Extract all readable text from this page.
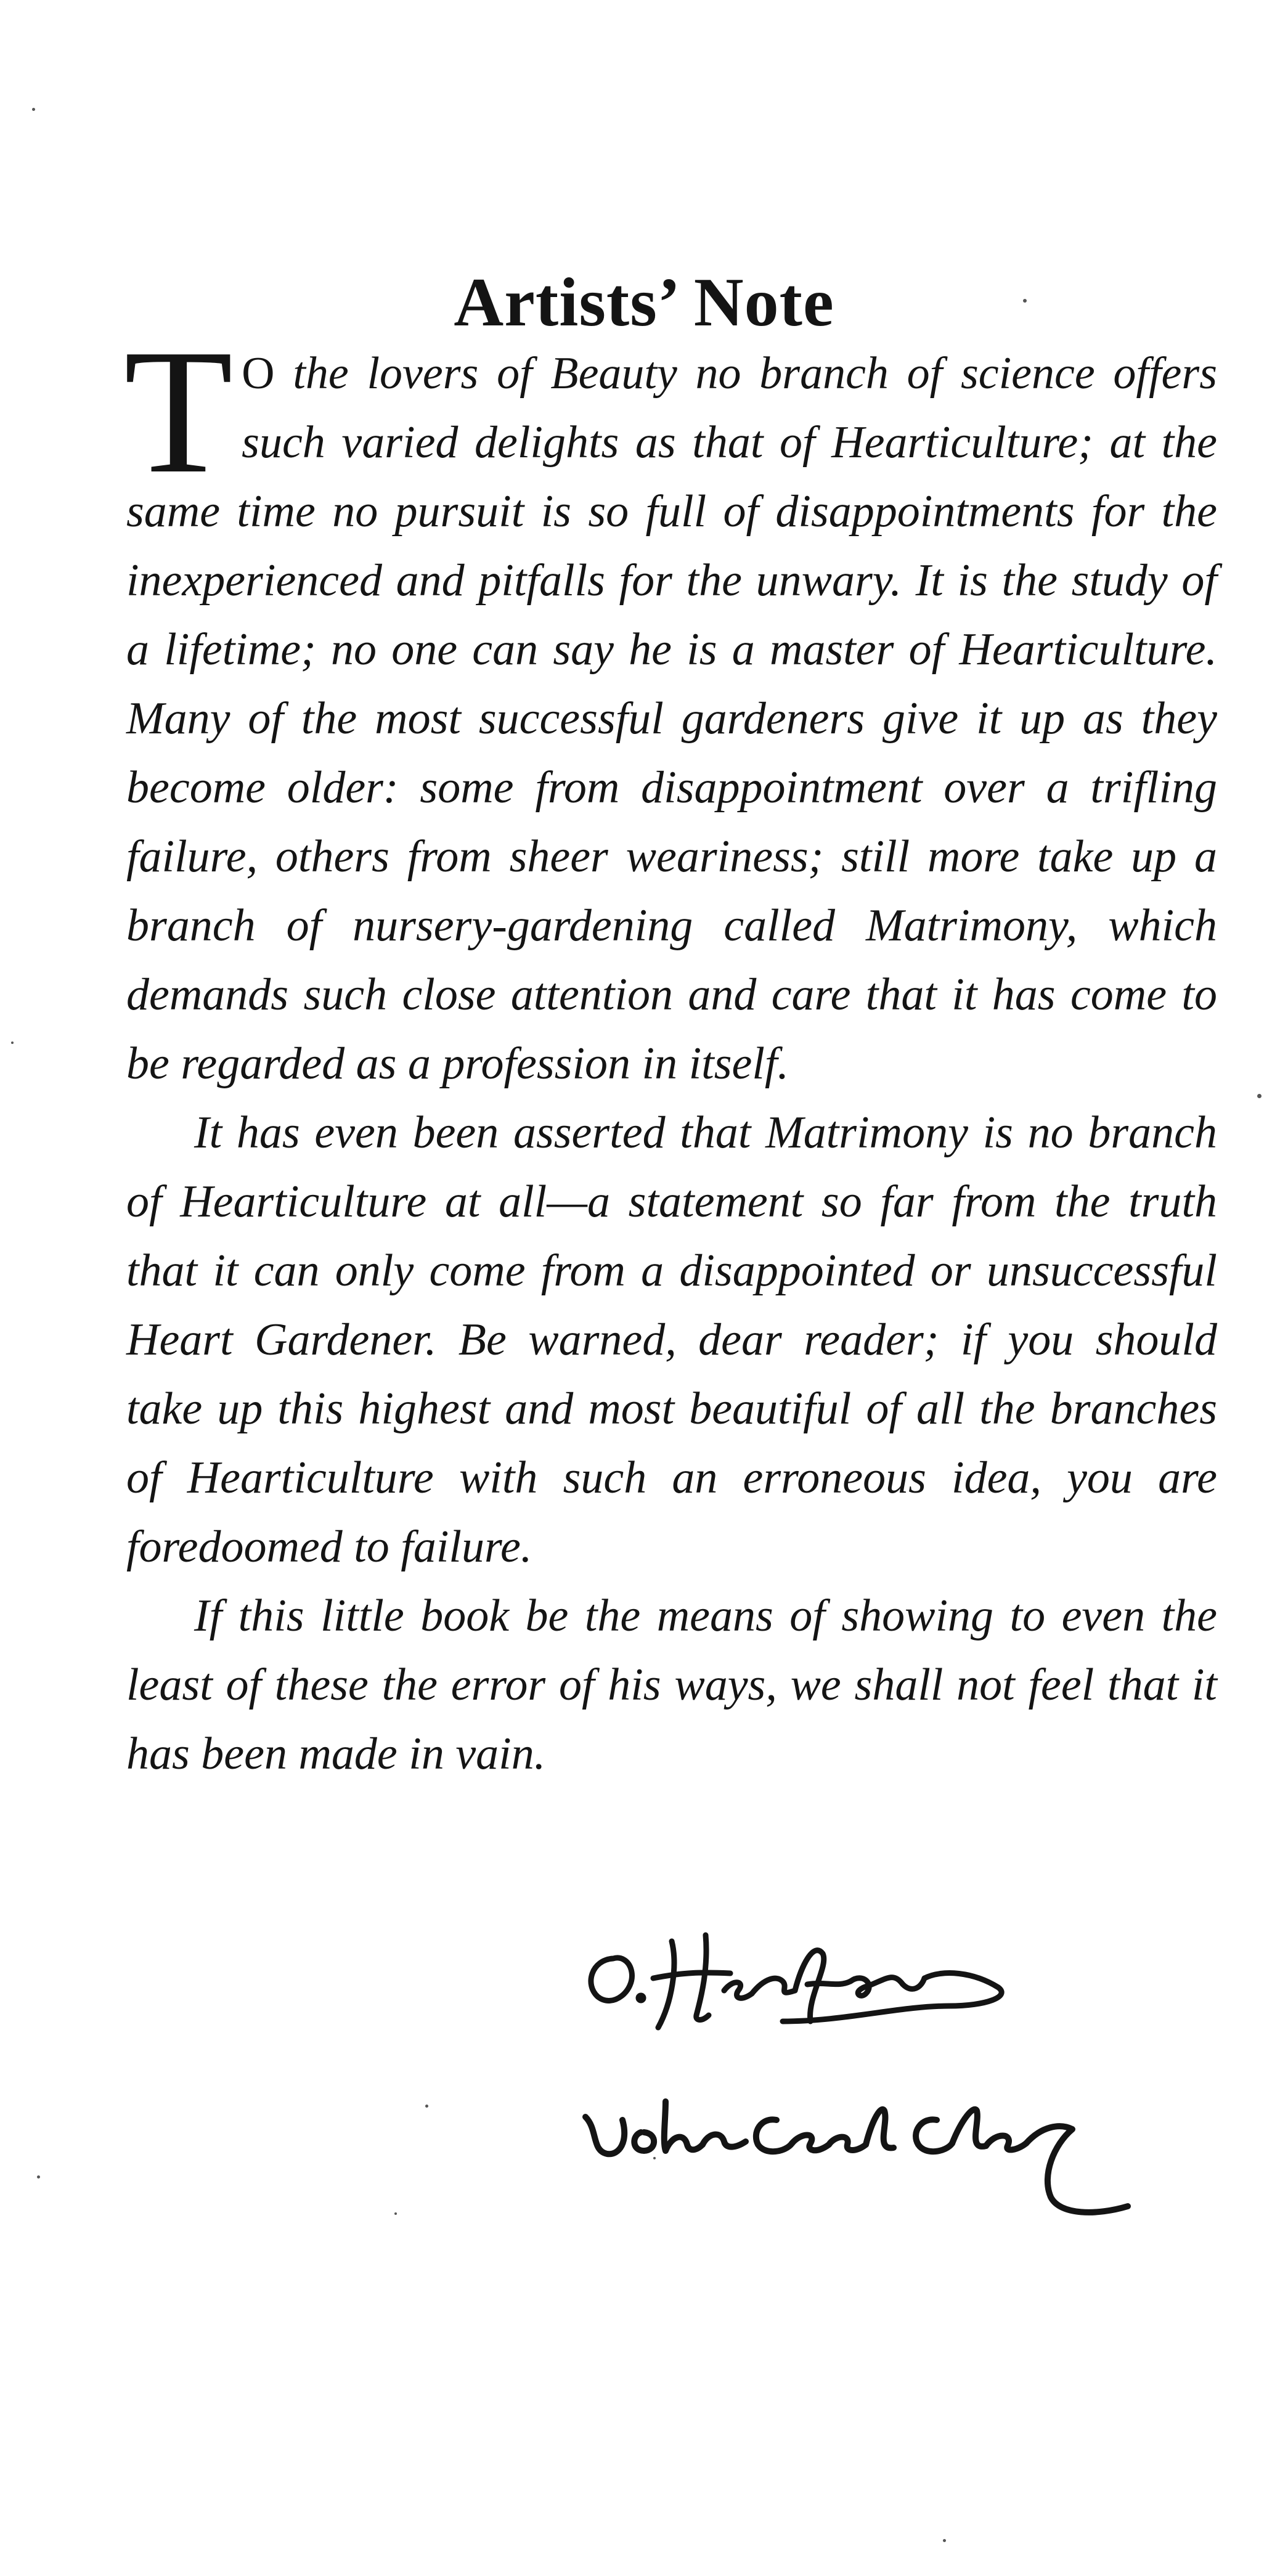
Artists’ Note

T O the lovers of Beauty no branch of science offers such varied delights as that of Hearticulture; at the same time no pursuit is so full of disappointments for the inexperienced and pitfalls for the unwary. It is the study of a lifetime; no one can say he is a master of Hearticulture. Many of the most successful gardeners give it up as they become older: some from disappointment over a trifling failure, others from sheer weariness; still more take up a branch of nursery-gardening called Matrimony, which demands such close attention and care that it has come to be regarded as a profession in itself.

It has even been asserted that Matrimony is no branch of Hearticulture at all—a statement so far from the truth that it can only come from a disappointed or unsuccessful Heart Gardener. Be warned, dear reader; if you should take up this highest and most beautiful of all the branches of Hearticulture with such an erroneous idea, you are foredoomed to failure.

If this little book be the means of showing to even the least of these the error of his ways, we shall not feel that it has been made in vain.
